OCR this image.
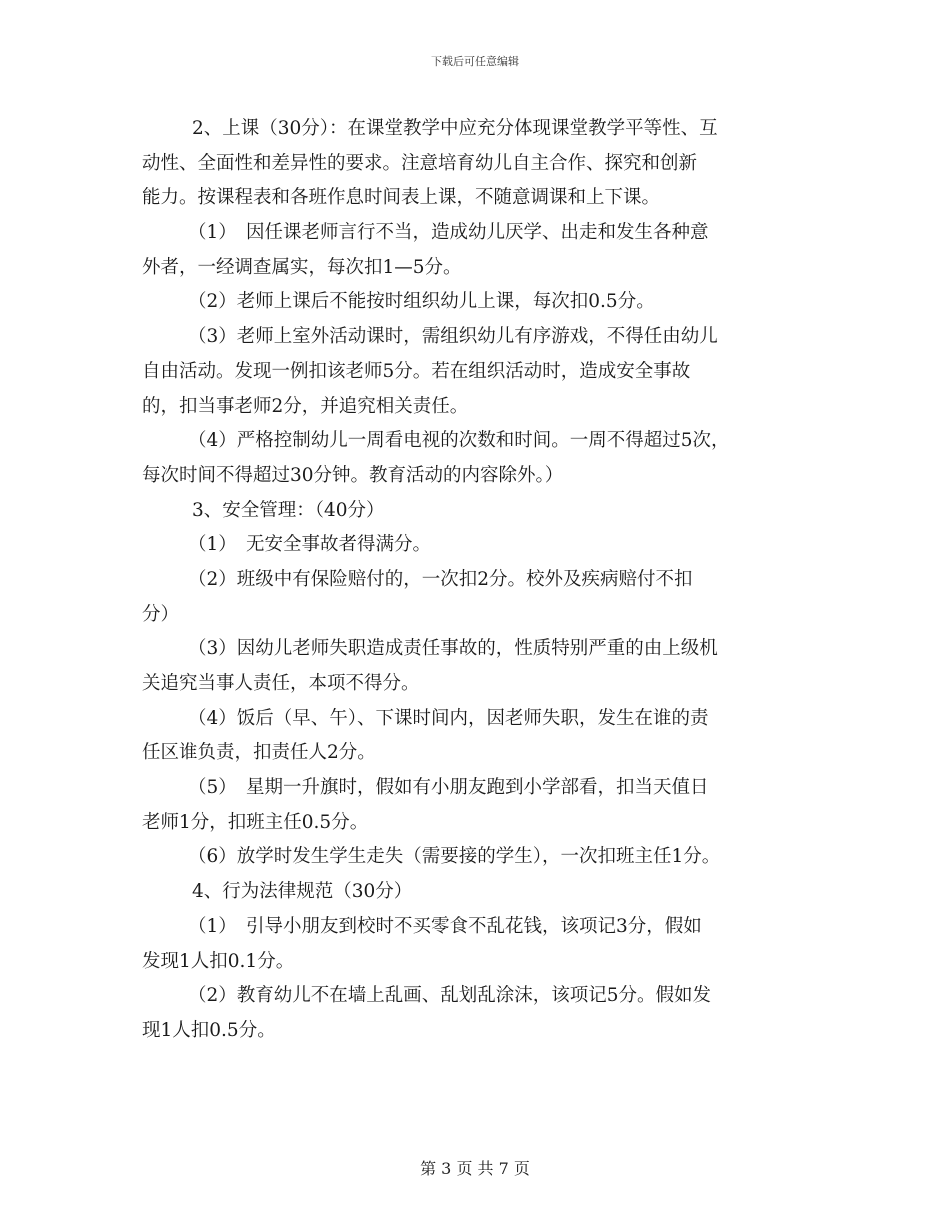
下载后可任意编辑
2、上课（30分）：在课堂教学中应充分体现课堂教学平等性、互
动性、全面性和差异性的要求。注意培育幼儿自主合作、探究和创新
能力。按课程表和各班作息时间表上课，不随意调课和上下课。
（1）　因任课老师言行不当，造成幼儿厌学、出走和发生各种意
外者，一经调查属实，每次扣1—5分。
（2）老师上课后不能按时组织幼儿上课，每次扣0.5分。
（3）老师上室外活动课时，需组织幼儿有序游戏，不得任由幼儿
自由活动。发现一例扣该老师5分。若在组织活动时，造成安全事故
的，扣当事老师2分，并追究相关责任。
（4）严格控制幼儿一周看电视的次数和时间。一周不得超过5次，
每次时间不得超过30分钟。教育活动的内容除外。）
3、安全管理：（40分）
（1）　无安全事故者得满分。
（2）班级中有保险赔付的，一次扣2分。校外及疾病赔付不扣
分）
（3）因幼儿老师失职造成责任事故的，性质特别严重的由上级机
关追究当事人责任，本项不得分。
（4）饭后（早、午）、下课时间内，因老师失职，发生在谁的责
任区谁负责，扣责任人2分。
（5）　星期一升旗时，假如有小朋友跑到小学部看，扣当天值日
老师1分，扣班主任0.5分。
（6）放学时发生学生走失（需要接的学生），一次扣班主任1分。
4、行为法律规范（30分）
（1）　引导小朋友到校时不买零食不乱花钱，该项记3分，假如
发现1人扣0.1分。
（2）教育幼儿不在墙上乱画、乱划乱涂沫，该项记5分。假如发
现1人扣0.5分。
第 3 页 共 7 页
